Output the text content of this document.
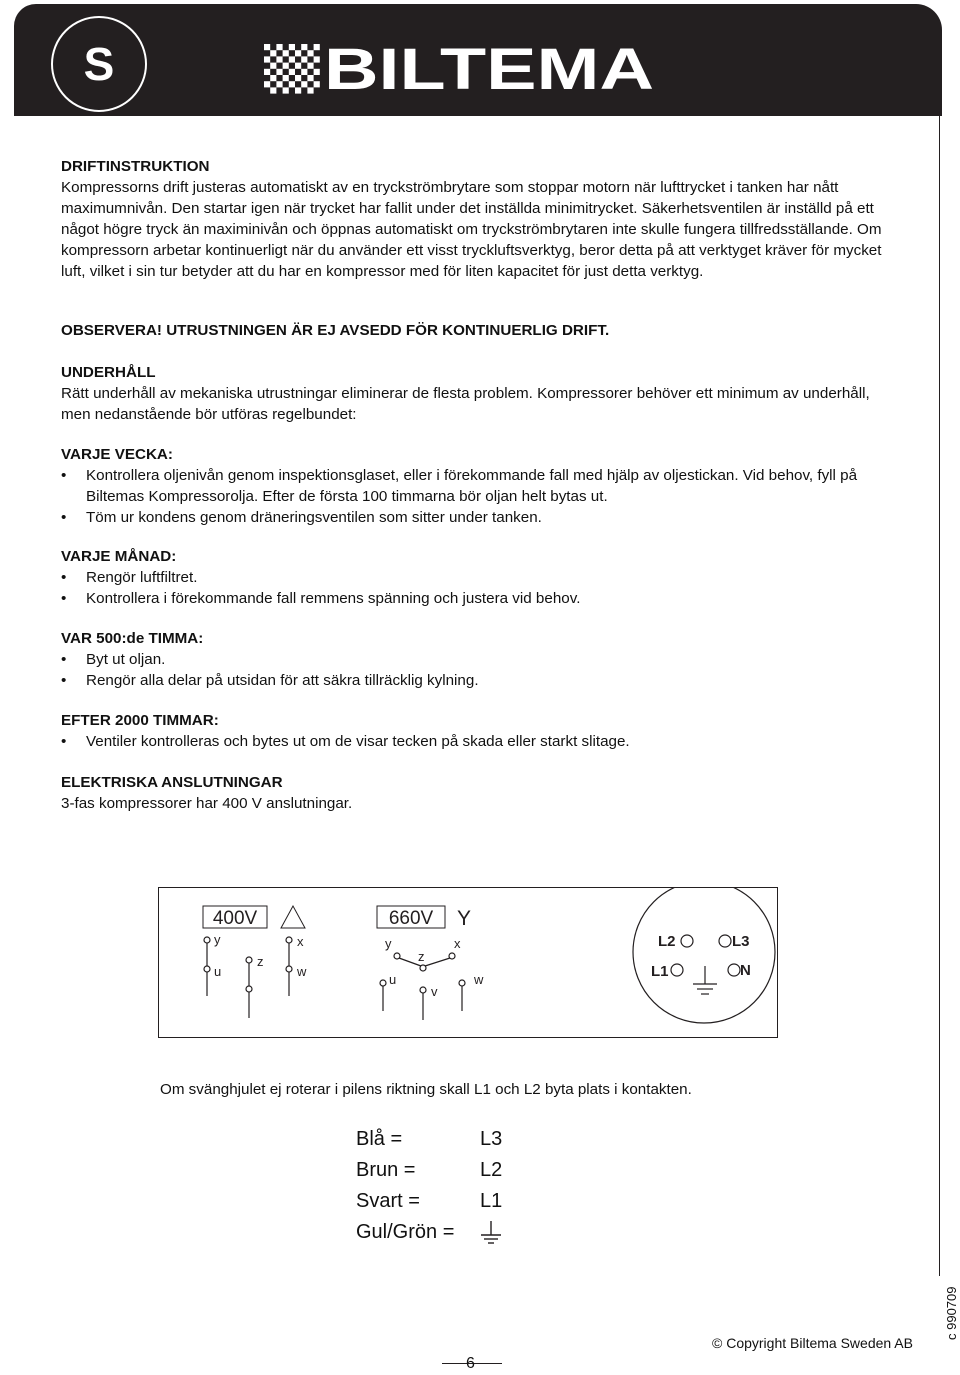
S	BILTEMA
DRIFTINSTRUKTION
Kompressorns drift justeras automatiskt av en tryckströmbrytare som stoppar motorn när lufttrycket i tanken har nått maximumnivån. Den startar igen när trycket har fallit under det inställda minimitrycket. Säkerhetsventilen är inställd på ett något högre tryck än maximinivån och öppnas automatiskt om tryckströmbrytaren inte skulle fungera tillfredsställande. Om kompressorn arbetar kontinuerligt när du använder ett visst tryckluftsverktyg, beror detta på att verktyget kräver för mycket luft, vilket i sin tur betyder att du har en kompressor med för liten kapacitet för just detta verktyg.
OBSERVERA! UTRUSTNINGEN ÄR EJ AVSEDD FÖR KONTINUERLIG DRIFT.
UNDERHÅLL
Rätt underhåll av mekaniska utrustningar eliminerar de flesta problem. Kompressorer behöver ett minimum av underhåll, men nedanstående bör utföras regelbundet:
VARJE VECKA:
• Kontrollera oljenivån genom inspektionsglaset, eller i förekommande fall med hjälp av oljestickan. Vid behov, fyll på Biltemas Kompressorolja. Efter de första 100 timmarna bör oljan helt bytas ut.
• Töm ur kondens genom dräneringsventilen som sitter under tanken.
VARJE MÅNAD:
• Rengör luftfiltret.
• Kontrollera i förekommande fall remmens spänning och justera vid behov.
VAR 500:de TIMMA:
• Byt ut oljan.
• Rengör alla delar på utsidan för att säkra tillräcklig kylning.
EFTER 2000 TIMMAR:
• Ventiler kontrolleras och bytes ut om de visar tecken på skada eller starkt slitage.
ELEKTRISKA ANSLUTNINGAR
3-fas kompressorer har 400 V anslutningar.
400V
y
z
x
u	w
660V Y
y
z
x
u
v
w
L2	L3
L1	N
Om svänghjulet ej roterar i pilens riktning skall L1 och L2 byta plats i kontakten.
Blå =	L3
Brun =	L2
Svart =	L1
Gul/Grön =
6
© Copyright Biltema Sweden AB
c 990709
